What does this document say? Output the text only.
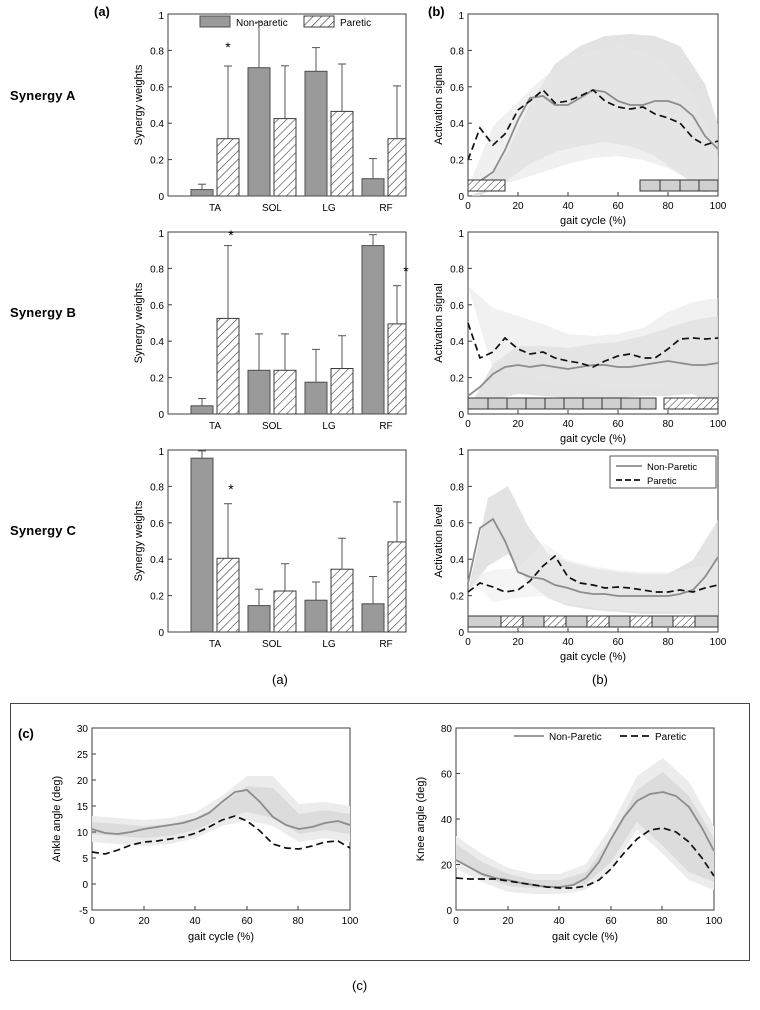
Synergy A
Synergy B
Synergy C
(a)	(b)
0
0.2
0.4
0.6
0.8
1
Synergy weights
Non-paretic	Paretic
*
TA	SOL	LG	RF
0
0.2
0.4
0.6
0.8
1
Synergy weights
*
*
TA	SOL	LG	RF
0
0.2
0.4
0.6
0.8
1
Synergy weights
*
TA	SOL	LG	RF
0
0.2
0.4
0.6
0.8
1
0	20	40	60	80	100
gait cycle (%)
Activation signal
0
0.2
0.4
0.6
0.8
1
0	20	40	60	80	100
gait cycle (%)
Activation signal
Non-Paretic
Paretic
0
0.2
0.4
0.6
0.8
1
0	20	40	60	80	100
gait cycle (%)
Activation level
(a)	(b)
(c)	30
25
20
15
10
5
0
-5
0	20	40	60	80	100
gait cycle (%)
Ankle angle (deg)
Non-Paretic	Paretic
80
60
40
20
0
0	20	40	60	80	100
gait cycle (%)
Knee angle (deg)
(c)
